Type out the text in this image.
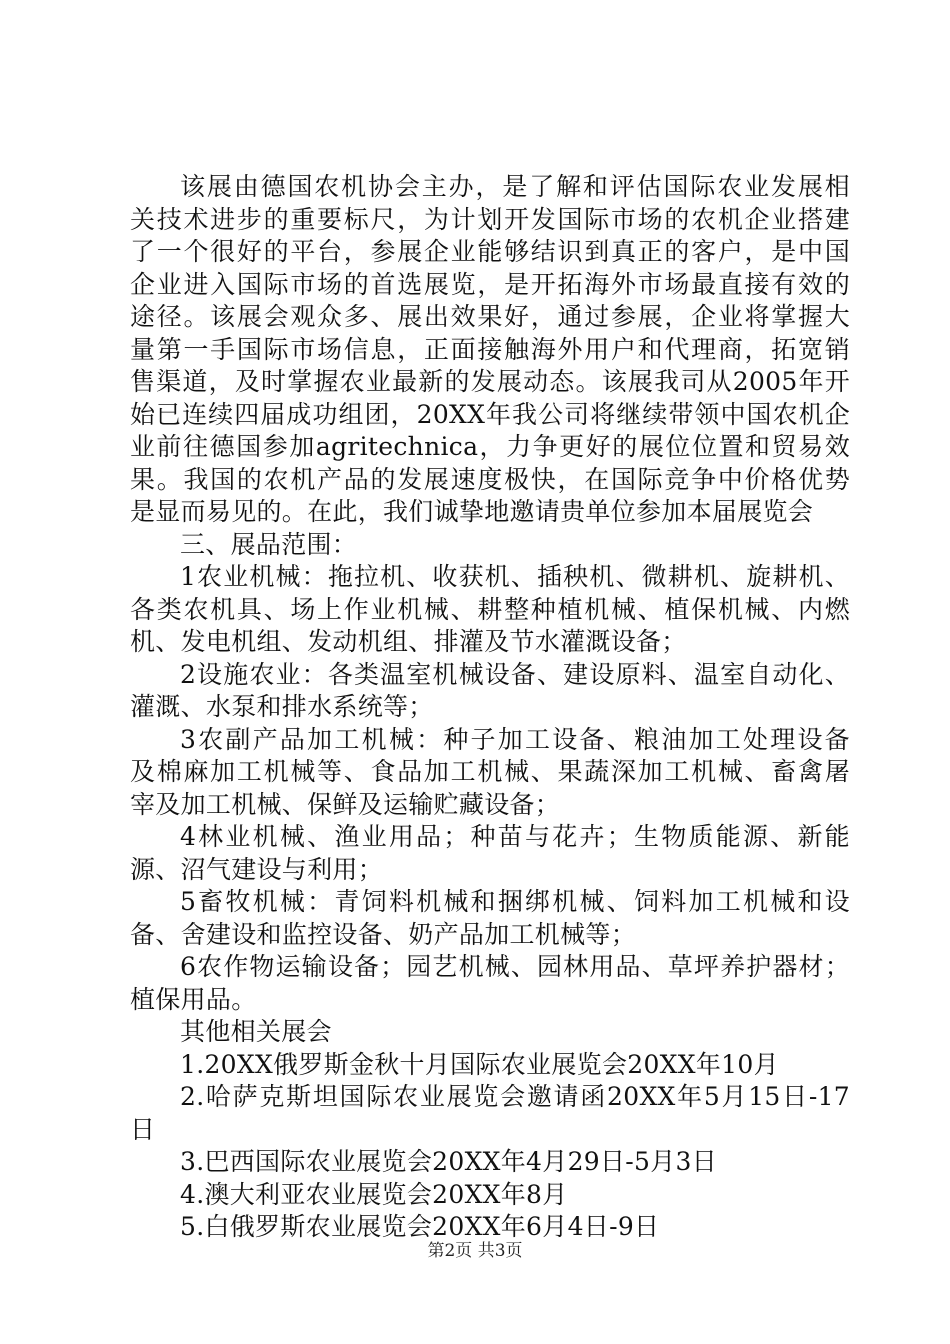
该展由德国农机协会主办，是了解和评估国际农业发展相
关技术进步的重要标尺，为计划开发国际市场的农机企业搭建
了一个很好的平台，参展企业能够结识到真正的客户，是中国
企业进入国际市场的首选展览，是开拓海外市场最直接有效的
途径。该展会观众多、展出效果好，通过参展，企业将掌握大
量第一手国际市场信息，正面接触海外用户和代理商，拓宽销
售渠道，及时掌握农业最新的发展动态。该展我司从2005年开
始已连续四届成功组团，20XX年我公司将继续带领中国农机企
业前往德国参加agritechnica，力争更好的展位位置和贸易效
果。我国的农机产品的发展速度极快，在国际竞争中价格优势
是显而易见的。在此，我们诚挚地邀请贵单位参加本届展览会
三、展品范围：
1农业机械：拖拉机、收获机、插秧机、微耕机、旋耕机、
各类农机具、场上作业机械、耕整种植机械、植保机械、内燃
机、发电机组、发动机组、排灌及节水灌溉设备；
2设施农业：各类温室机械设备、建设原料、温室自动化、
灌溉、水泵和排水系统等；
3农副产品加工机械：种子加工设备、粮油加工处理设备
及棉麻加工机械等、食品加工机械、果蔬深加工机械、畜禽屠
宰及加工机械、保鲜及运输贮藏设备；
4林业机械、渔业用品；种苗与花卉；生物质能源、新能
源、沼气建设与利用；
5畜牧机械：青饲料机械和捆绑机械、饲料加工机械和设
备、舍建设和监控设备、奶产品加工机械等；
6农作物运输设备；园艺机械、园林用品、草坪养护器材；
植保用品。
其他相关展会
1.20XX俄罗斯金秋十月国际农业展览会20XX年10月
2.哈萨克斯坦国际农业展览会邀请函20XX年5月15日-17
日
3.巴西国际农业展览会20XX年4月29日-5月3日
4.澳大利亚农业展览会20XX年8月
5.白俄罗斯农业展览会20XX年6月4日-9日
第2页 共3页
